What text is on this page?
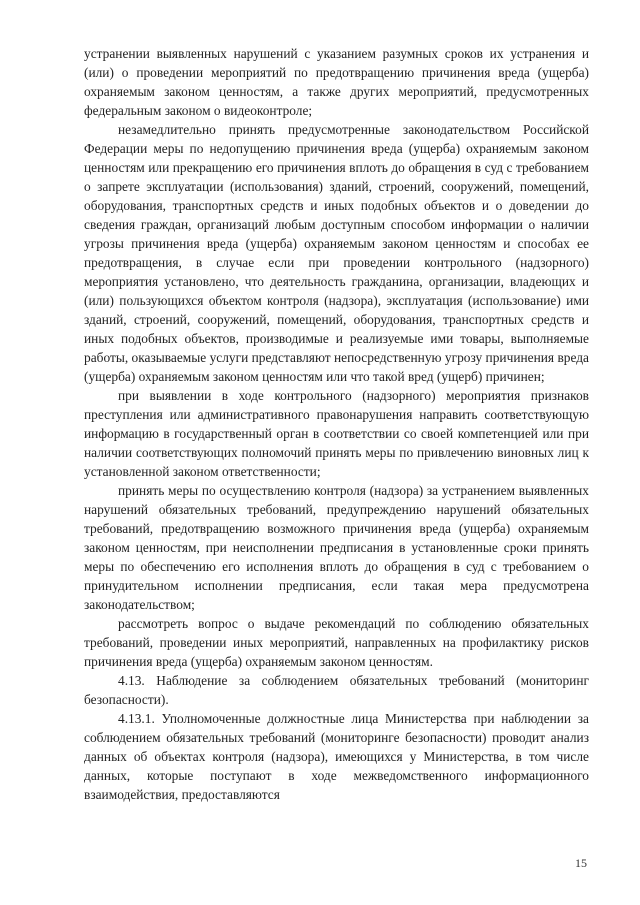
устранении выявленных нарушений с указанием разумных сроков их устранения и (или) о проведении мероприятий по предотвращению причинения вреда (ущерба) охраняемым законом ценностям, а также других мероприятий, предусмотренных федеральным законом о видеоконтроле;

незамедлительно принять предусмотренные законодательством Российской Федерации меры по недопущению причинения вреда (ущерба) охраняемым законом ценностям или прекращению его причинения вплоть до обращения в суд с требованием о запрете эксплуатации (использования) зданий, строений, сооружений, помещений, оборудования, транспортных средств и иных подобных объектов и о доведении до сведения граждан, организаций любым доступным способом информации о наличии угрозы причинения вреда (ущерба) охраняемым законом ценностям и способах ее предотвращения, в случае если при проведении контрольного (надзорного) мероприятия установлено, что деятельность гражданина, организации, владеющих и (или) пользующихся объектом контроля (надзора), эксплуатация (использование) ими зданий, строений, сооружений, помещений, оборудования, транспортных средств и иных подобных объектов, производимые и реализуемые ими товары, выполняемые работы, оказываемые услуги представляют непосредственную угрозу причинения вреда (ущерба) охраняемым законом ценностям или что такой вред (ущерб) причинен;

при выявлении в ходе контрольного (надзорного) мероприятия признаков преступления или административного правонарушения направить соответствующую информацию в государственный орган в соответствии со своей компетенцией или при наличии соответствующих полномочий принять меры по привлечению виновных лиц к установленной законом ответственности;

принять меры по осуществлению контроля (надзора) за устранением выявленных нарушений обязательных требований, предупреждению нарушений обязательных требований, предотвращению возможного причинения вреда (ущерба) охраняемым законом ценностям, при неисполнении предписания в установленные сроки принять меры по обеспечению его исполнения вплоть до обращения в суд с требованием о принудительном исполнении предписания, если такая мера предусмотрена законодательством;

рассмотреть вопрос о выдаче рекомендаций по соблюдению обязательных требований, проведении иных мероприятий, направленных на профилактику рисков причинения вреда (ущерба) охраняемым законом ценностям.

4.13. Наблюдение за соблюдением обязательных требований (мониторинг безопасности).

4.13.1. Уполномоченные должностные лица Министерства при наблюдении за соблюдением обязательных требований (мониторинге безопасности) проводит анализ данных об объектах контроля (надзора), имеющихся у Министерства, в том числе данных, которые поступают в ходе межведомственного информационного взаимодействия, предоставляются

15
